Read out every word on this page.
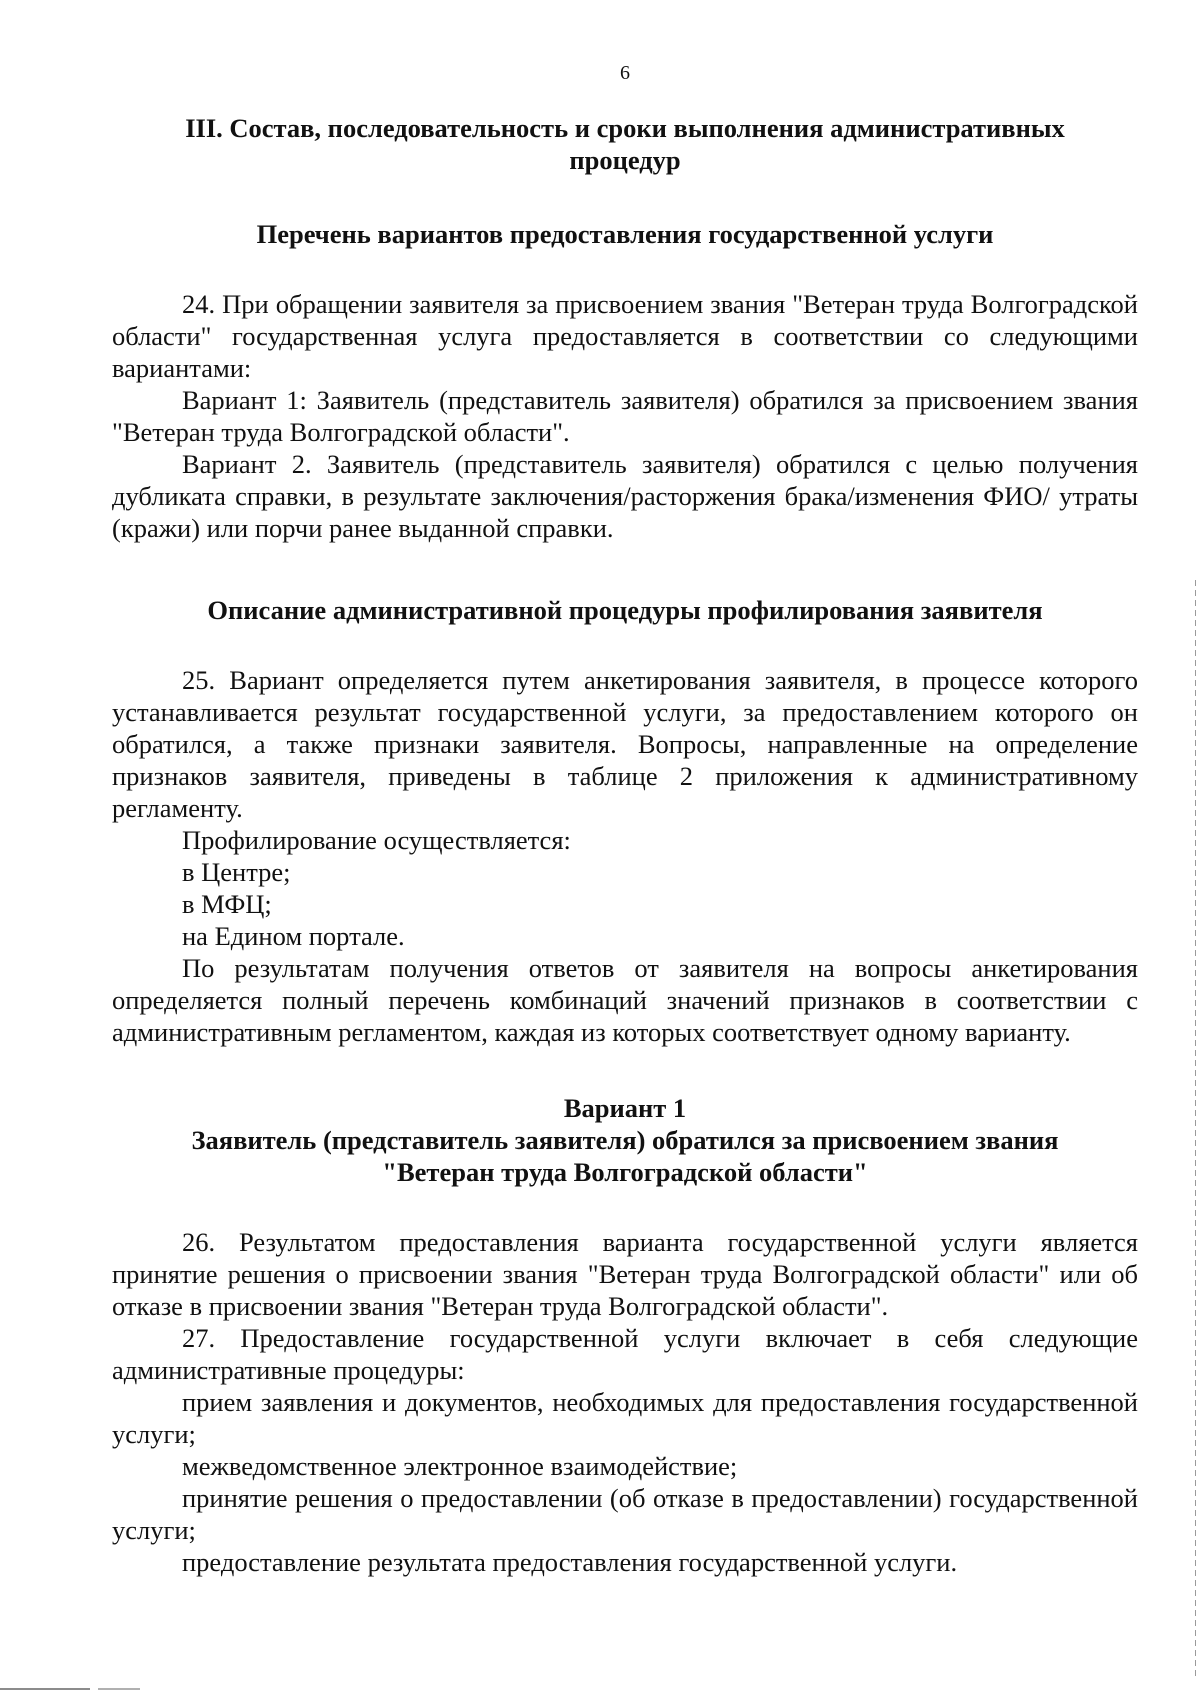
6

III. Состав, последовательность и сроки выполнения административных
процедур

Перечень вариантов предоставления государственной услуги

24. При обращении заявителя за присвоением звания "Ветеран труда Волгоградской области" государственная услуга предоставляется в соответствии со следующими вариантами:

Вариант 1: Заявитель (представитель заявителя) обратился за присвоением звания "Ветеран труда Волгоградской области".

Вариант 2. Заявитель (представитель заявителя) обратился с целью получения дубликата справки, в результате заключения/расторжения брака/изменения ФИО/ утраты (кражи) или порчи ранее выданной справки.

Описание административной процедуры профилирования заявителя

25. Вариант определяется путем анкетирования заявителя, в процессе которого устанавливается результат государственной услуги, за предоставлением которого он обратился, а также признаки заявителя. Вопросы, направленные на определение признаков заявителя, приведены в таблице 2 приложения к административному регламенту.

Профилирование осуществляется:

в Центре;

в МФЦ;

на Едином портале.

По результатам получения ответов от заявителя на вопросы анкетирования определяется полный перечень комбинаций значений признаков в соответствии с административным регламентом, каждая из которых соответствует одному варианту.

Вариант 1

Заявитель (представитель заявителя) обратился за присвоением звания
"Ветеран труда Волгоградской области"

26. Результатом предоставления варианта государственной услуги является принятие решения о присвоении звания "Ветеран труда Волгоградской области" или об отказе в присвоении звания "Ветеран труда Волгоградской области".

27. Предоставление государственной услуги включает в себя следующие административные процедуры:

прием заявления и документов, необходимых для предоставления государственной услуги;

межведомственное электронное взаимодействие;

принятие решения о предоставлении (об отказе в предоставлении) государственной услуги;

предоставление результата предоставления государственной услуги.
